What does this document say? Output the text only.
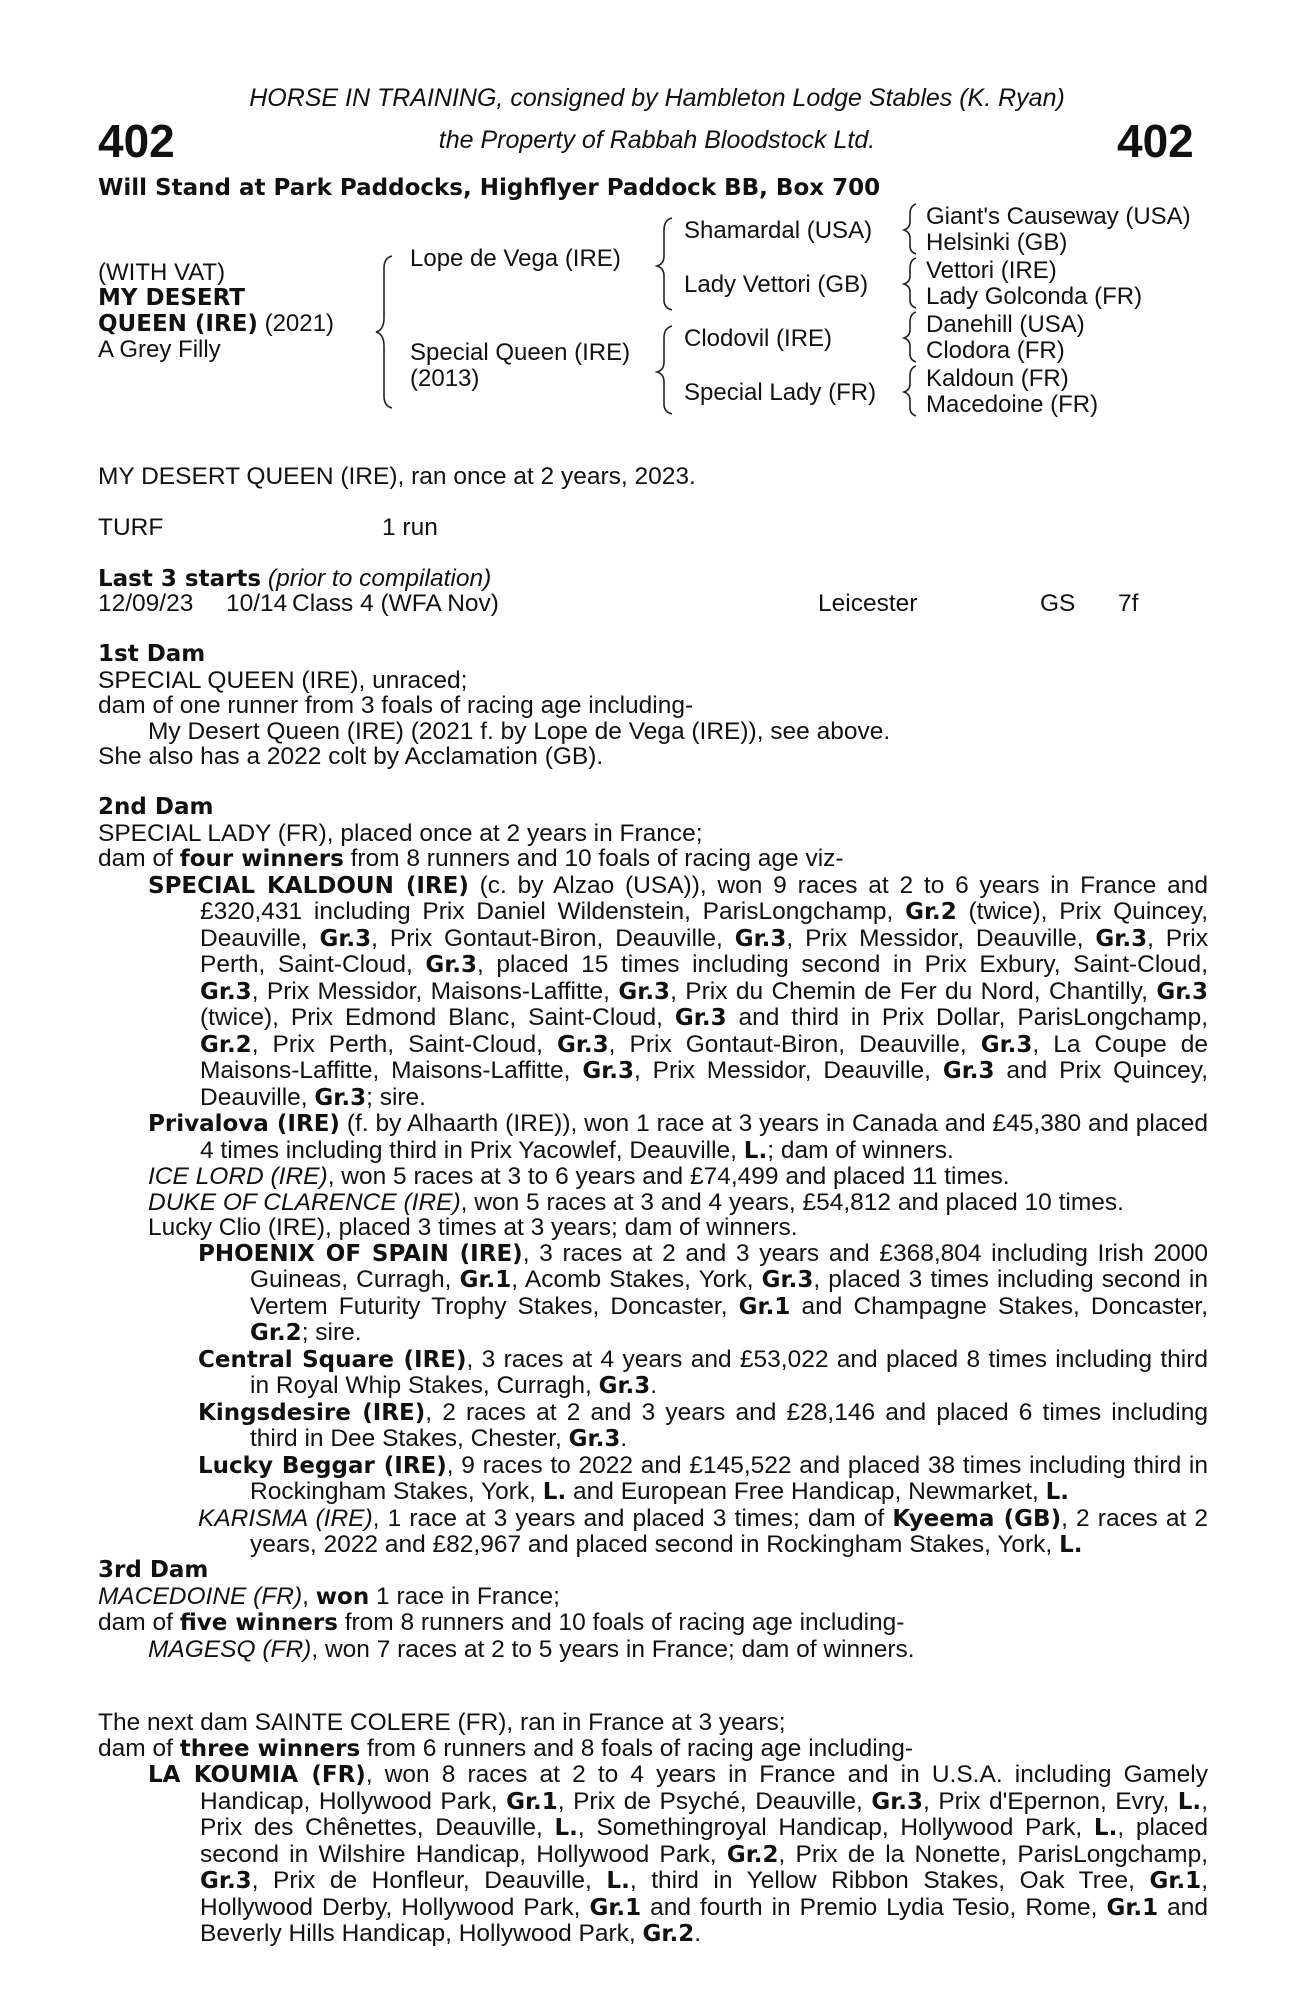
402	402
HORSE IN TRAINING, consigned by Hambleton Lodge Stables (K. Ryan)
the Property of Rabbah Bloodstock Ltd.
Will Stand at Park Paddocks, Highflyer Paddock BB, Box 700
(WITH VAT)
MY DESERT
QUEEN (IRE) (2021)
A Grey Filly
Lope de Vega (IRE)
Special Queen (IRE)
(2013)
Shamardal (USA)
Lady Vettori (GB)
Clodovil (IRE)
Special Lady (FR)
Giant's Causeway (USA)
Helsinki (GB)
Vettori (IRE)
Lady Golconda (FR)
Danehill (USA)
Clodora (FR)
Kaldoun (FR)
Macedoine (FR)
MY DESERT QUEEN (IRE), ran once at 2 years, 2023.
TURF	1 run
Last 3 starts (prior to compilation)
12/09/23 10/14 Class 4 (WFA Nov)	Leicester	GS 7f

1st Dam

SPECIAL QUEEN (IRE), unraced;

dam of one runner from 3 foals of racing age including-

My Desert Queen (IRE) (2021 f. by Lope de Vega (IRE)), see above.

She also has a 2022 colt by Acclamation (GB).

2nd Dam

SPECIAL LADY (FR), placed once at 2 years in France;

dam of four winners from 8 runners and 10 foals of racing age viz-

SPECIAL KALDOUN (IRE) (c. by Alzao (USA)), won 9 races at 2 to 6 years in France and £320,431 including Prix Daniel Wildenstein, ParisLongchamp, Gr.2 (twice), Prix Quincey, Deauville, Gr.3, Prix Gontaut-Biron, Deauville, Gr.3, Prix Messidor, Deauville, Gr.3, Prix Perth, Saint-Cloud, Gr.3, placed 15 times including second in Prix Exbury, Saint-Cloud, Gr.3, Prix Messidor, Maisons-Laffitte, Gr.3, Prix du Chemin de Fer du Nord, Chantilly, Gr.3 (twice), Prix Edmond Blanc, Saint-Cloud, Gr.3 and third in Prix Dollar, ParisLongchamp, Gr.2, Prix Perth, Saint-Cloud, Gr.3, Prix Gontaut-Biron, Deauville, Gr.3, La Coupe de Maisons-Laffitte, Maisons-Laffitte, Gr.3, Prix Messidor, Deauville, Gr.3 and Prix Quincey, Deauville, Gr.3; sire.

Privalova (IRE) (f. by Alhaarth (IRE)), won 1 race at 3 years in Canada and £45,380 and placed 4 times including third in Prix Yacowlef, Deauville, L.; dam of winners.

ICE LORD (IRE), won 5 races at 3 to 6 years and £74,499 and placed 11 times.

DUKE OF CLARENCE (IRE), won 5 races at 3 and 4 years, £54,812 and placed 10 times.

Lucky Clio (IRE), placed 3 times at 3 years; dam of winners.

PHOENIX OF SPAIN (IRE), 3 races at 2 and 3 years and £368,804 including Irish 2000 Guineas, Curragh, Gr.1, Acomb Stakes, York, Gr.3, placed 3 times including second in Vertem Futurity Trophy Stakes, Doncaster, Gr.1 and Champagne Stakes, Doncaster, Gr.2; sire.

Central Square (IRE), 3 races at 4 years and £53,022 and placed 8 times including third in Royal Whip Stakes, Curragh, Gr.3.

Kingsdesire (IRE), 2 races at 2 and 3 years and £28,146 and placed 6 times including third in Dee Stakes, Chester, Gr.3.

Lucky Beggar (IRE), 9 races to 2022 and £145,522 and placed 38 times including third in Rockingham Stakes, York, L. and European Free Handicap, Newmarket, L.

KARISMA (IRE), 1 race at 3 years and placed 3 times; dam of Kyeema (GB), 2 races at 2 years, 2022 and £82,967 and placed second in Rockingham Stakes, York, L.

3rd Dam

MACEDOINE (FR), won 1 race in France;

dam of five winners from 8 runners and 10 foals of racing age including-

MAGESQ (FR), won 7 races at 2 to 5 years in France; dam of winners.

The next dam SAINTE COLERE (FR), ran in France at 3 years;

dam of three winners from 6 runners and 8 foals of racing age including-

LA KOUMIA (FR), won 8 races at 2 to 4 years in France and in U.S.A. including Gamely Handicap, Hollywood Park, Gr.1, Prix de Psyché, Deauville, Gr.3, Prix d'Epernon, Evry, L., Prix des Chênettes, Deauville, L., Somethingroyal Handicap, Hollywood Park, L., placed second in Wilshire Handicap, Hollywood Park, Gr.2, Prix de la Nonette, ParisLongchamp, Gr.3, Prix de Honfleur, Deauville, L., third in Yellow Ribbon Stakes, Oak Tree, Gr.1, Hollywood Derby, Hollywood Park, Gr.1 and fourth in Premio Lydia Tesio, Rome, Gr.1 and Beverly Hills Handicap, Hollywood Park, Gr.2.
